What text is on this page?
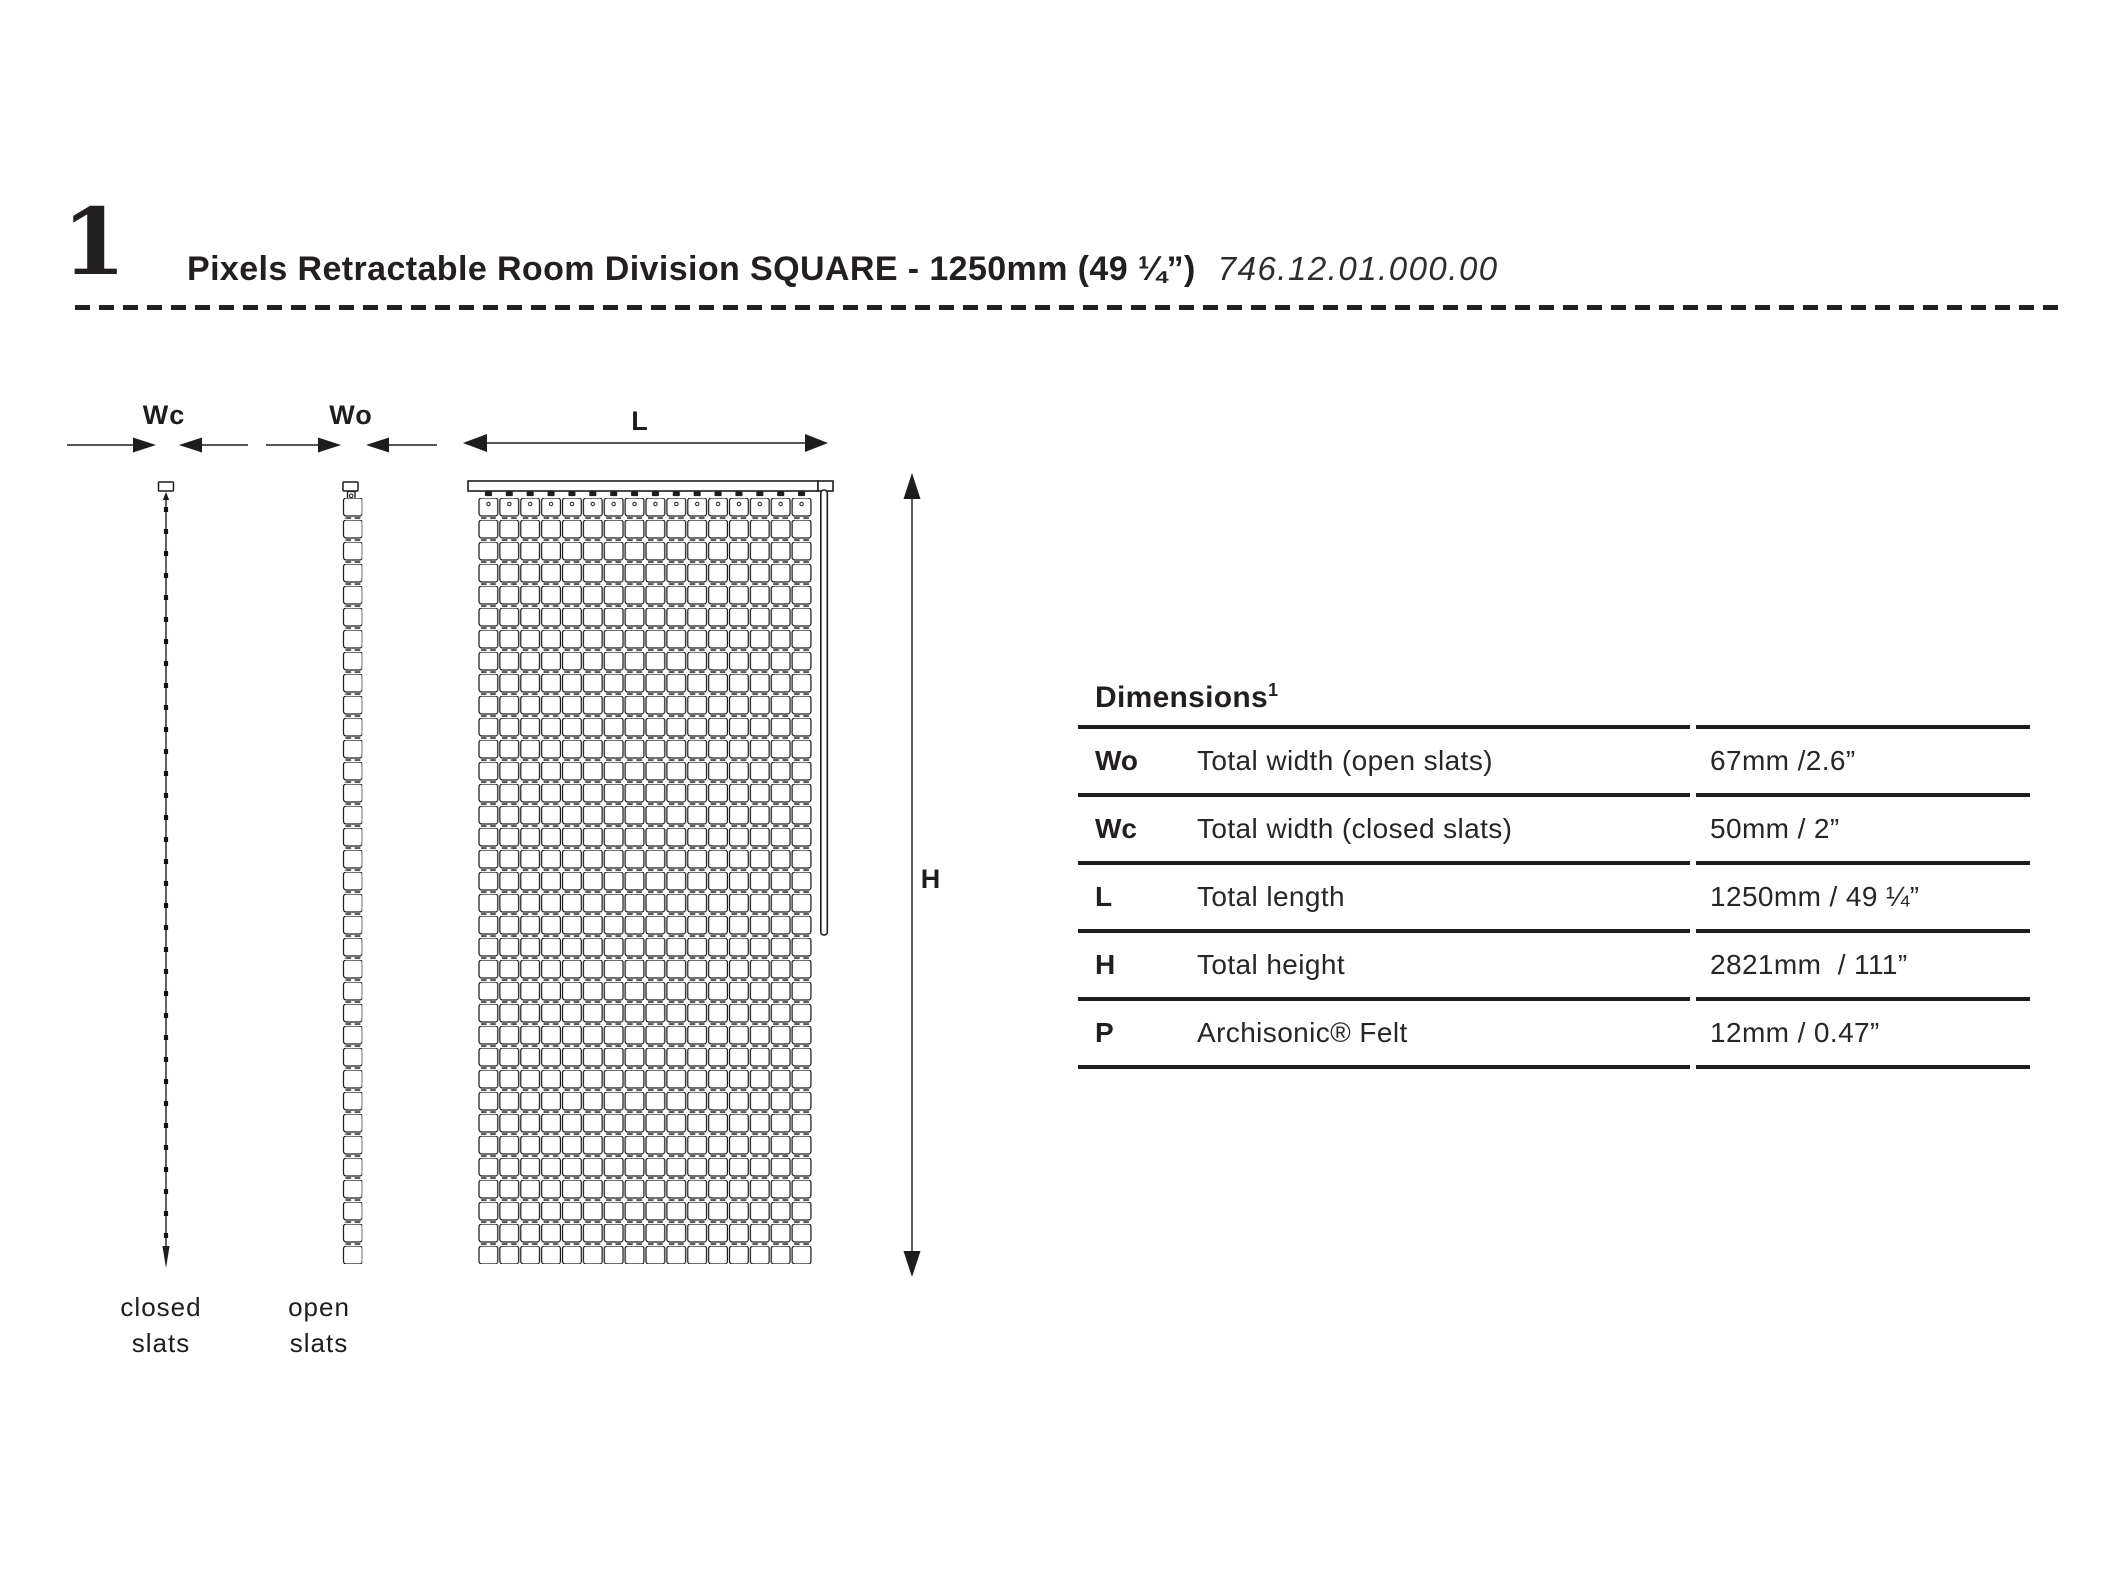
1 Pixels Retractable Room Division SQUARE - 1250mm (49 ¼”) 746.12.01.000.00
Wc	Wo	L
H
closed
slats
open
slats
Dimensions$^1$
Wo	Total width (open slats)	67mm /2.6”
Wc	Total width (closed slats)	50mm / 2”
L	Total length	1250mm / 49 ¼”
H	Total height	2821mm  / 111”
P	Archisonic® Felt	12mm / 0.47”
